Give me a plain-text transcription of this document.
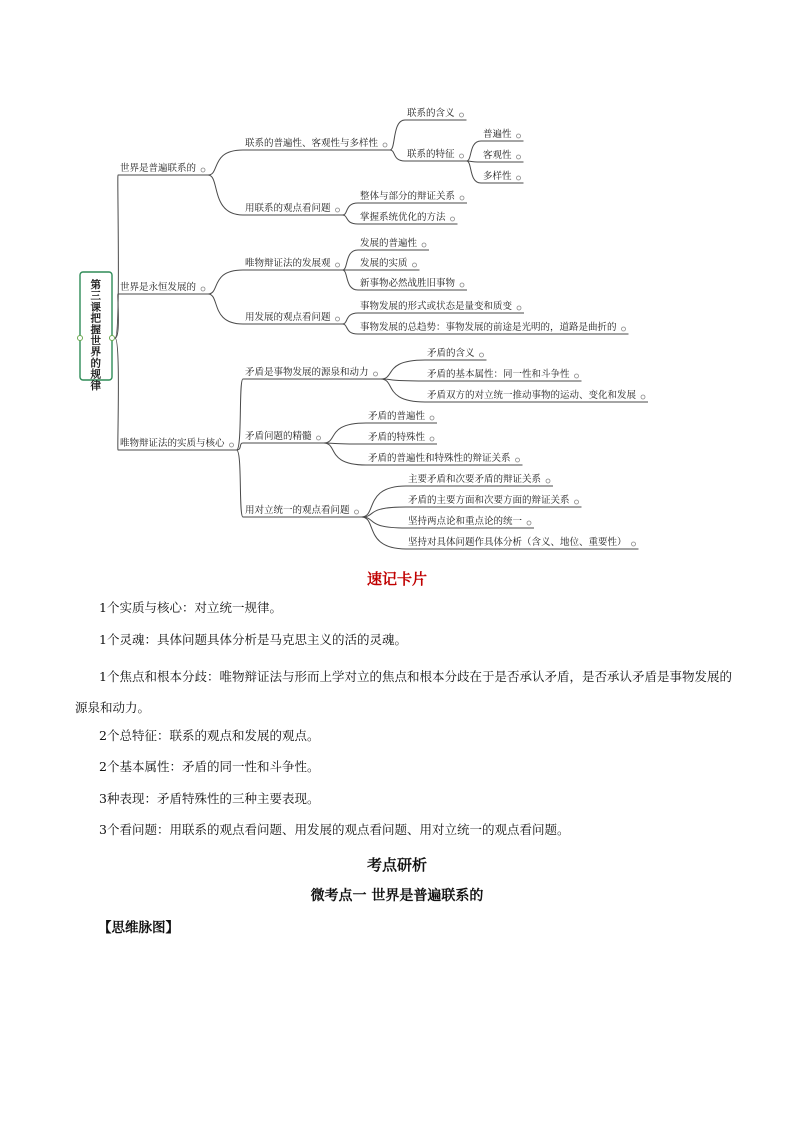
第三课把握世界的规律
世界是普遍联系的
联系的普遍性、客观性与多样性
联系的含义
联系的特征
普遍性
客观性
多样性
用联系的观点看问题
整体与部分的辩证关系
掌握系统优化的方法
世界是永恒发展的
唯物辩证法的发展观
发展的普遍性
发展的实质
新事物必然战胜旧事物
用发展的观点看问题
事物发展的形式或状态是量变和质变
事物发展的总趋势：事物发展的前途是光明的，道路是曲折的
唯物辩证法的实质与核心
矛盾是事物发展的源泉和动力
矛盾的含义
矛盾的基本属性：同一性和斗争性
矛盾双方的对立统一推动事物的运动、变化和发展
矛盾问题的精髓
矛盾的普遍性
矛盾的特殊性
矛盾的普遍性和特殊性的辩证关系
用对立统一的观点看问题
主要矛盾和次要矛盾的辩证关系
矛盾的主要方面和次要方面的辩证关系
坚持两点论和重点论的统一
坚持对具体问题作具体分析（含义、地位、重要性）
速记卡片

1个实质与核心：对立统一规律。

1个灵魂：具体问题具体分析是马克思主义的活的灵魂。

1个焦点和根本分歧：唯物辩证法与形而上学对立的焦点和根本分歧在于是否承认矛盾，是否承认矛盾是事物发展的源泉和动力。

2个总特征：联系的观点和发展的观点。

2个基本属性：矛盾的同一性和斗争性。

3种表现：矛盾特殊性的三种主要表现。

3个看问题：用联系的观点看问题、用发展的观点看问题、用对立统一的观点看问题。

考点研析
微考点一 世界是普遍联系的
【思维脉图】
